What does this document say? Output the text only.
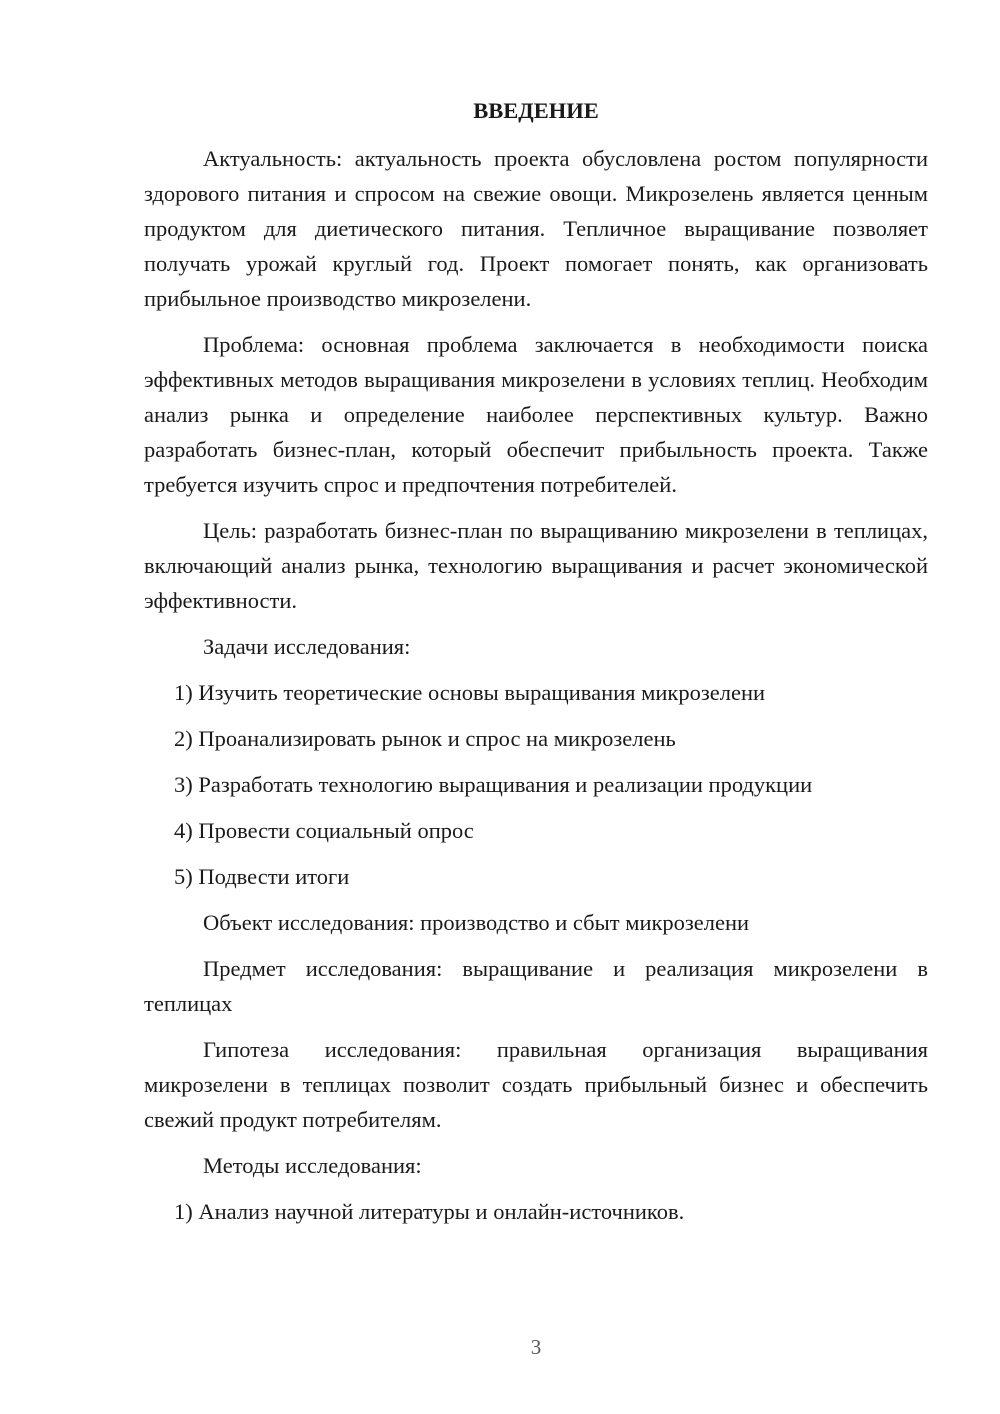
ВВЕДЕНИЕ
Актуальность: актуальность проекта обусловлена ростом популярности здорового питания и спросом на свежие овощи. Микрозелень является ценным продуктом для диетического питания. Тепличное выращивание позволяет получать урожай круглый год. Проект помогает понять, как организовать прибыльное производство микрозелени.
Проблема: основная проблема заключается в необходимости поиска эффективных методов выращивания микрозелени в условиях теплиц. Необходим анализ рынка и определение наиболее перспективных культур. Важно разработать бизнес-план, который обеспечит прибыльность проекта. Также требуется изучить спрос и предпочтения потребителей.
Цель: разработать бизнес-план по выращиванию микрозелени в теплицах, включающий анализ рынка, технологию выращивания и расчет экономической эффективности.
Задачи исследования:
1) Изучить теоретические основы выращивания микрозелени
2) Проанализировать рынок и спрос на микрозелень
3) Разработать технологию выращивания и реализации продукции
4) Провести социальный опрос
5) Подвести итоги
Объект исследования: производство и сбыт микрозелени
Предмет исследования: выращивание и реализация микрозелени в теплицах
Гипотеза исследования: правильная организация выращивания микрозелени в теплицах позволит создать прибыльный бизнес и обеспечить свежий продукт потребителям.
Методы исследования:
1) Анализ научной литературы и онлайн-источников.
3
